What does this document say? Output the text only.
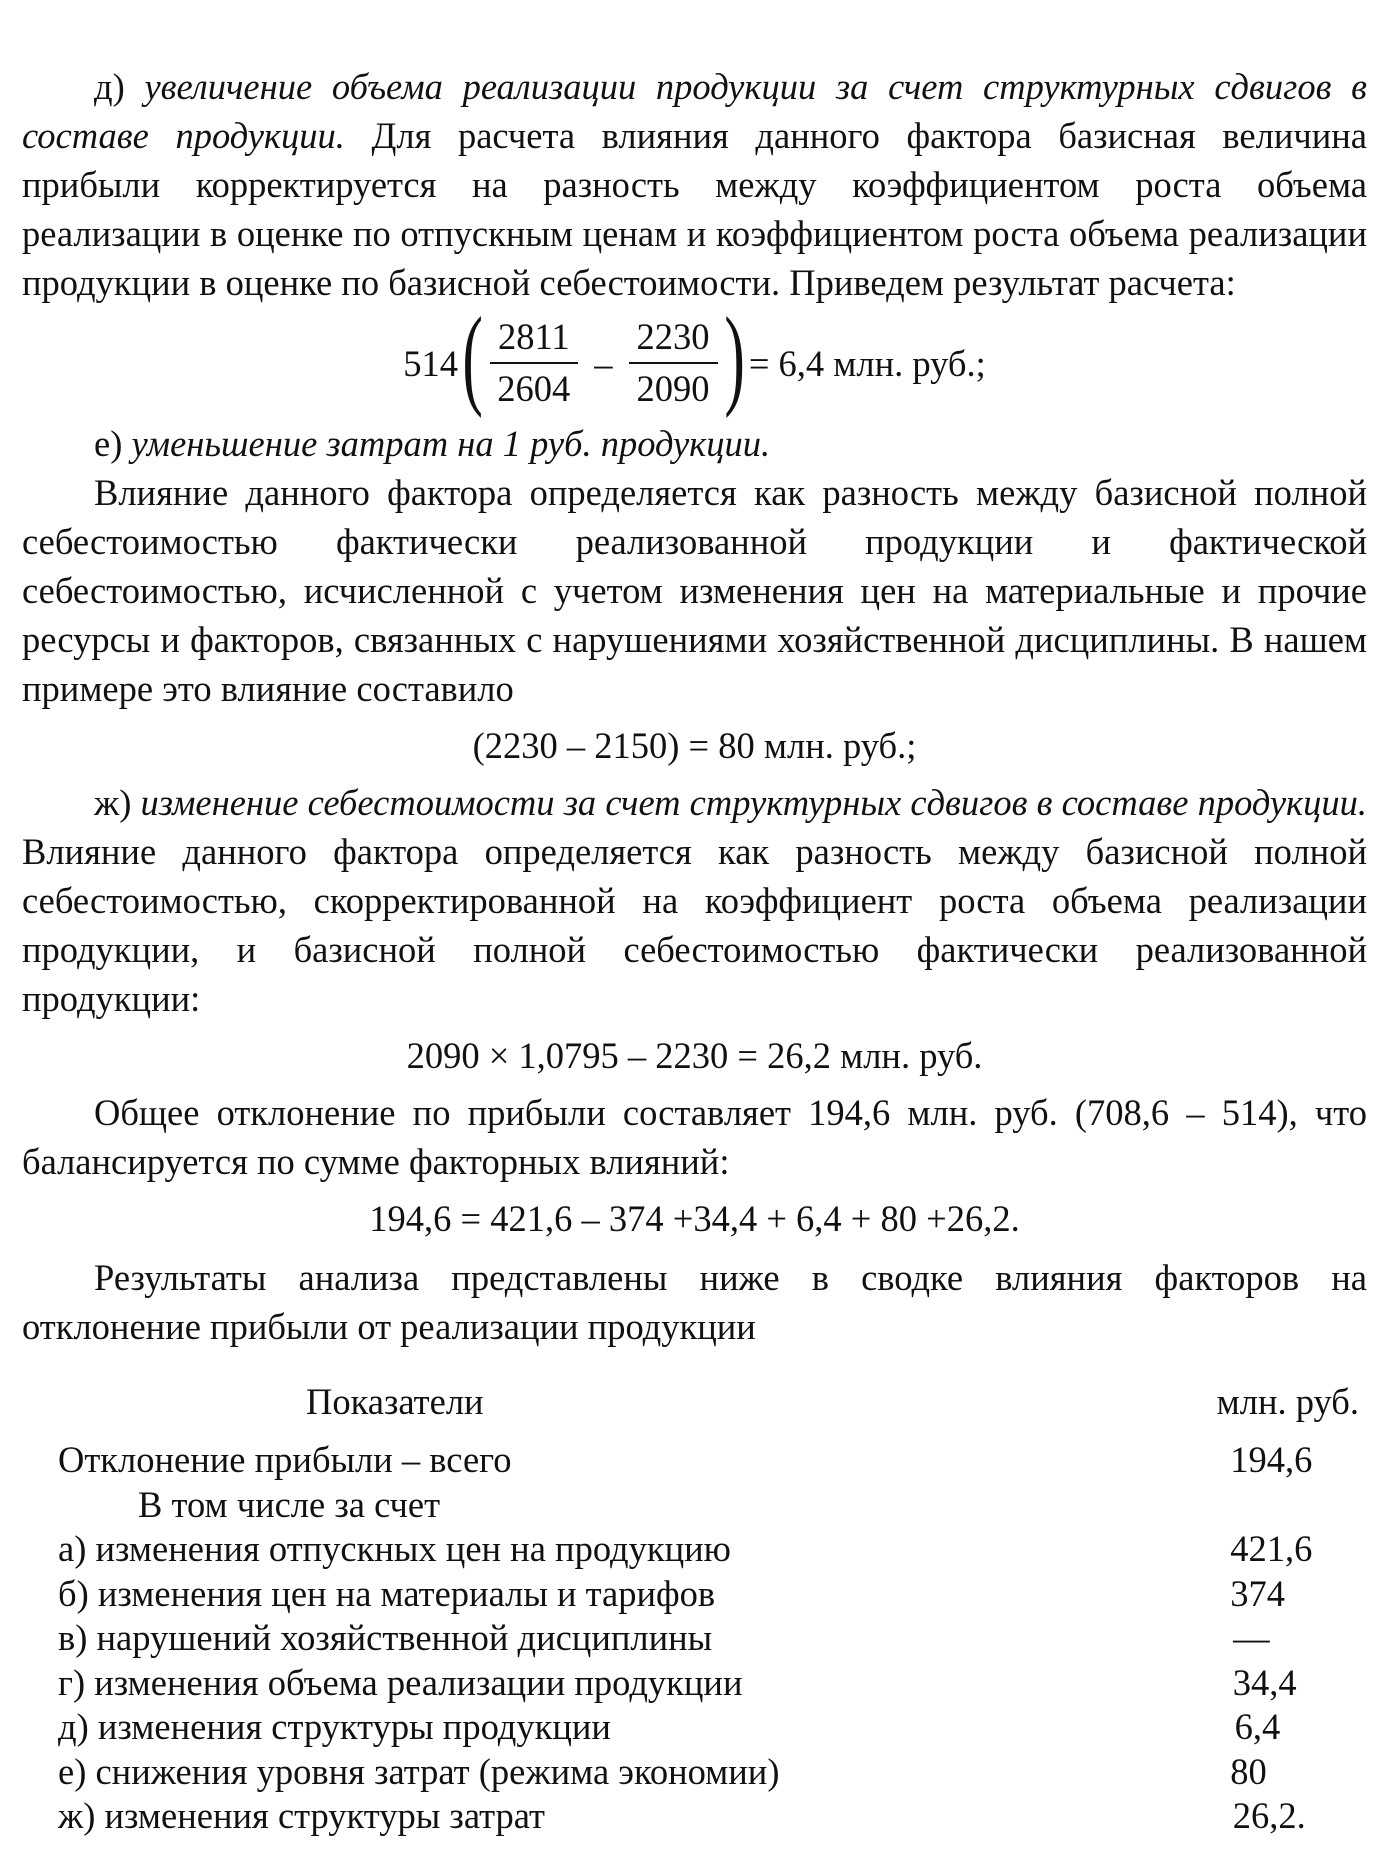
д) увеличение объема реализации продукции за счет структурных сдвигов в составе продукции. Для расчета влияния данного фактора базисная величина прибыли корректируется на разность между коэффициентом роста объема реализации в оценке по отпускным ценам и коэффициентом роста объема реализации продукции в оценке по базисной себестоимости. Приведем результат расчета:

514 ( $\frac{2811}{2604} - \frac{2230}{2090}$ ) = 6,4 млн. руб.;

е) уменьшение затрат на 1 руб. продукции.

Влияние данного фактора определяется как разность между базисной полной себестоимостью фактически реализованной продукции и фактической себестоимостью, исчисленной с учетом изменения цен на материальные и прочие ресурсы и факторов, связанных с нарушениями хозяйственной дисциплины. В нашем примере это влияние составило

(2230 – 2150) = 80 млн. руб.;

ж) изменение себестоимости за счет структурных сдвигов в составе продукции. Влияние данного фактора определяется как разность между базисной полной себестоимостью, скорректированной на коэффициент роста объема реализации продукции, и базисной полной себестоимостью фактически реализованной продукции:

2090 × 1,0795 – 2230 = 26,2 млн. руб.

Общее отклонение по прибыли составляет 194,6 млн. руб. (708,6 – 514), что балансируется по сумме факторных влияний:

194,6 = 421,6 – 374 +34,4 + 6,4 + 80 +26,2.

Результаты анализа представлены ниже в сводке влияния факторов на отклонение прибыли от реализации продукции

Показатели	млн. руб.
Отклонение прибыли – всего	194,6
В том числе за счет
а) изменения отпускных цен на продукцию	421,6
б) изменения цен на материалы и тарифов	374
в) нарушений хозяйственной дисциплины	—
г) изменения объема реализации продукции	34,4
д) изменения структуры продукции	6,4
е) снижения уровня затрат (режима экономии)	80
ж) изменения структуры затрат	26,2.
